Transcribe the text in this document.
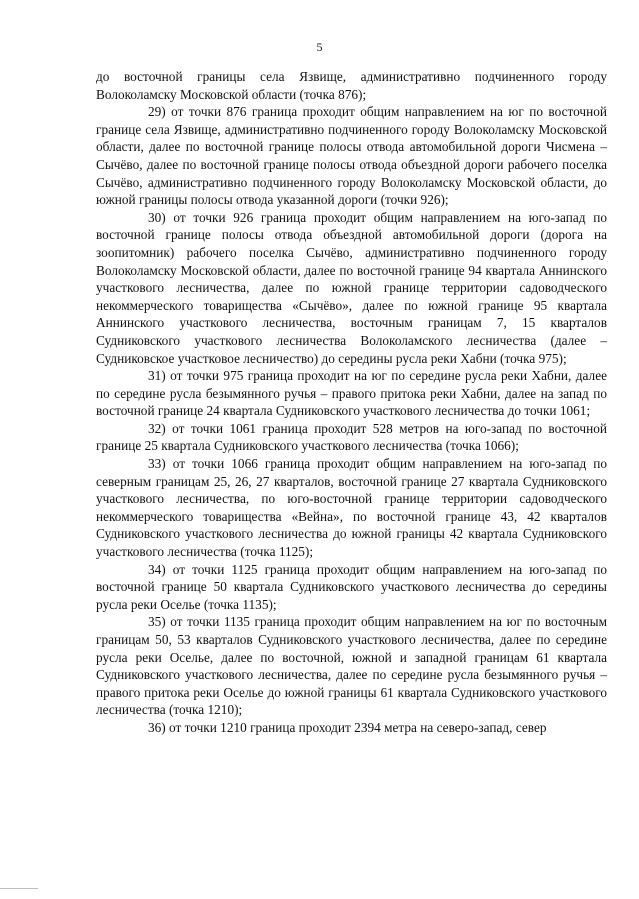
5

до восточной границы села Язвище, административно подчиненного городу Волоколамску Московской области (точка 876);

29) от точки 876 граница проходит общим направлением на юг по восточной границе села Язвище, административно подчиненного городу Волоколамску Московской области, далее по восточной границе полосы отвода автомобильной дороги Чисмена – Сычёво, далее по восточной границе полосы отвода объездной дороги рабочего поселка Сычёво, административно подчиненного городу Волоколамску Московской области, до южной границы полосы отвода указанной дороги (точки 926);

30) от точки 926 граница проходит общим направлением на юго-запад по восточной границе полосы отвода объездной автомобильной дороги (дорога на зоопитомник) рабочего поселка Сычёво, административно подчиненного городу Волоколамску Московской области, далее по восточной границе 94 квартала Аннинского участкового лесничества, далее по южной границе территории садоводческого некоммерческого товарищества «Сычёво», далее по южной границе 95 квартала Аннинского участкового лесничества, восточным границам 7, 15 кварталов Судниковского участкового лесничества Волоколамского лесничества (далее – Судниковское участковое лесничество) до середины русла реки Хабни (точка 975);

31) от точки 975 граница проходит на юг по середине русла реки Хабни, далее по середине русла безымянного ручья – правого притока реки Хабни, далее на запад по восточной границе 24 квартала Судниковского участкового лесничества до точки 1061;

32) от точки 1061 граница проходит 528 метров на юго-запад по восточной границе 25 квартала Судниковского участкового лесничества (точка 1066);

33) от точки 1066 граница проходит общим направлением на юго-запад по северным границам 25, 26, 27 кварталов, восточной границе 27 квартала Судниковского участкового лесничества, по юго-восточной границе территории садоводческого некоммерческого товарищества «Вейна», по восточной границе 43, 42 кварталов Судниковского участкового лесничества до южной границы 42 квартала Судниковского участкового лесничества (точка 1125);

34) от точки 1125 граница проходит общим направлением на юго-запад по восточной границе 50 квартала Судниковского участкового лесничества до середины русла реки Оселье (точка 1135);

35) от точки 1135 граница проходит общим направлением на юг по восточным границам 50, 53 кварталов Судниковского участкового лесничества, далее по середине русла реки Оселье, далее по восточной, южной и западной границам 61 квартала Судниковского участкового лесничества, далее по середине русла безымянного ручья – правого притока реки Оселье до южной границы 61 квартала Судниковского участкового лесничества (точка 1210);

36) от точки 1210 граница проходит 2394 метра на северо-запад, север
